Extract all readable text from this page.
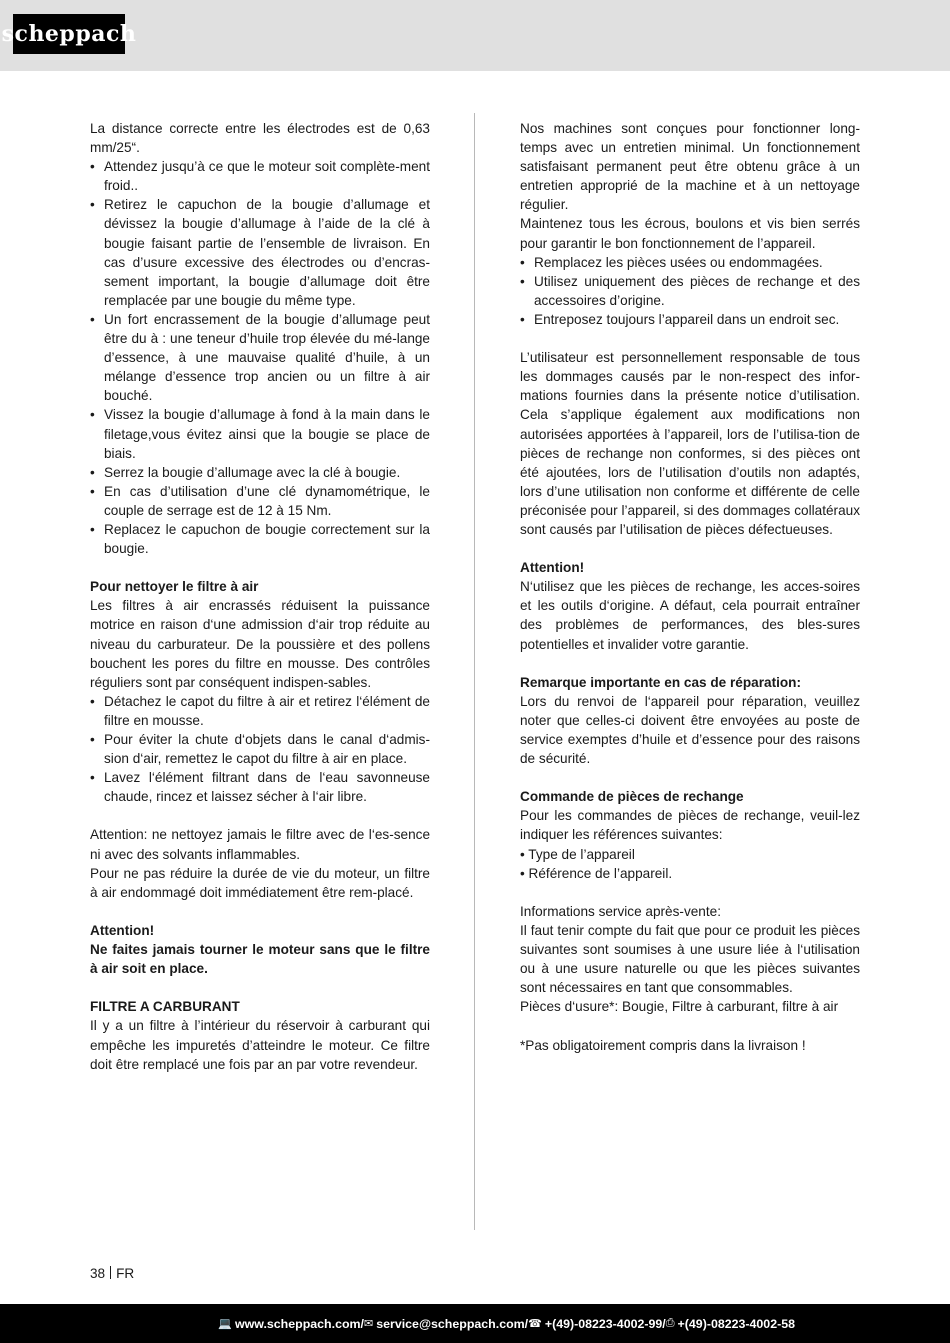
scheppach

La distance correcte entre les électrodes est de 0,63 mm/25“.

• Attendez jusqu’à ce que le moteur soit complète-ment froid..
• Retirez le capuchon de la bougie d’allumage et dévissez la bougie d’allumage à l’aide de la clé à bougie faisant partie de l’ensemble de livraison. En cas d’usure excessive des électrodes ou d’encras-sement important, la bougie d’allumage doit être remplacée par une bougie du même type.
• Un fort encrassement de la bougie d’allumage peut être du à : une teneur d’huile trop élevée du mé-lange d’essence, à une mauvaise qualité d’huile, à un mélange d’essence trop ancien ou un filtre à air bouché.
• Vissez la bougie d’allumage à fond à la main dans le filetage,vous évitez ainsi que la bougie se place de biais.
• Serrez la bougie d’allumage avec la clé à bougie.
• En cas d’utilisation d’une clé dynamométrique, le couple de serrage est de 12 à 15 Nm.
• Replacez le capuchon de bougie correctement sur la bougie.

Pour nettoyer le filtre à air

Les filtres à air encrassés réduisent la puissance motrice en raison d‘une admission d‘air trop réduite au niveau du carburateur. De la poussière et des pollens bouchent les pores du filtre en mousse. Des contrôles réguliers sont par conséquent indispen-sables.

• Détachez le capot du filtre à air et retirez l‘élément de filtre en mousse.
• Pour éviter la chute d‘objets dans le canal d‘admis-sion d‘air, remettez le capot du filtre à air en place.
• Lavez l‘élément filtrant dans de l‘eau savonneuse chaude, rincez et laissez sécher à l‘air libre.

Attention: ne nettoyez jamais le filtre avec de l‘es-sence ni avec des solvants inflammables.

Pour ne pas réduire la durée de vie du moteur, un filtre à air endommagé doit immédiatement être rem-placé.

Attention!

Ne faites jamais tourner le moteur sans que le filtre à air soit en place.

FILTRE A CARBURANT

Il y a un filtre à l’intérieur du réservoir à carburant qui empêche les impuretés d’atteindre le moteur. Ce filtre doit être remplacé une fois par an par votre revendeur.

Nos machines sont conçues pour fonctionner long-temps avec un entretien minimal. Un fonctionnement satisfaisant permanent peut être obtenu grâce à un entretien approprié de la machine et à un nettoyage régulier.

Maintenez tous les écrous, boulons et vis bien serrés pour garantir le bon fonctionnement de l’appareil.

• Remplacez les pièces usées ou endommagées.
• Utilisez uniquement des pièces de rechange et des accessoires d’origine.
• Entreposez toujours l’appareil dans un endroit sec.

L’utilisateur est personnellement responsable de tous les dommages causés par le non-respect des infor-mations fournies dans la présente notice d’utilisation. Cela s’applique également aux modifications non autorisées apportées à l’appareil, lors de l’utilisa-tion de pièces de rechange non conformes, si des pièces ont été ajoutées, lors de l’utilisation d’outils non adaptés, lors d’une utilisation non conforme et différente de celle préconisée pour l’appareil, si des dommages collatéraux sont causés par l’utilisation de pièces défectueuses.

Attention!

N‘utilisez que les pièces de rechange, les acces-soires et les outils d‘origine. A défaut, cela pourrait entraîner des problèmes de performances, des bles-sures potentielles et invalider votre garantie.

Remarque importante en cas de réparation:

Lors du renvoi de l‘appareil pour réparation, veuillez noter que celles-ci doivent être envoyées au poste de service exemptes d’huile et d’essence pour des raisons de sécurité.

Commande de pièces de rechange

Pour les commandes de pièces de rechange, veuil-lez indiquer les références suivantes:

• Type de l’appareil

• Référence de l’appareil.

Informations service après-vente:

Il faut tenir compte du fait que pour ce produit les pièces suivantes sont soumises à une usure liée à l‘utilisation ou à une usure naturelle ou que les pièces suivantes sont nécessaires en tant que consommables.

Pièces d‘usure*: Bougie, Filtre à carburant, filtre à air

*Pas obligatoirement compris dans la livraison !

38 FR
💻 www.scheppach.com / ✉ service@scheppach.com / ☎ +(49)-08223-4002-99 / ⎙ +(49)-08223-4002-58
